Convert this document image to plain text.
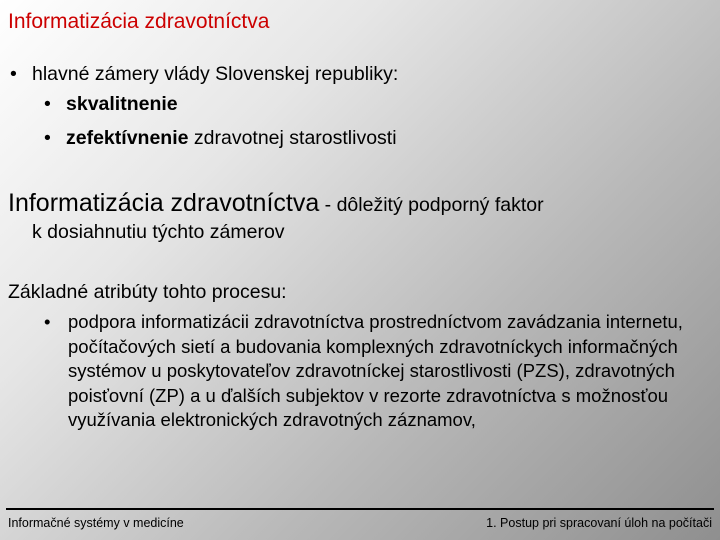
Informatizácia zdravotníctva
• hlavné zámery vlády Slovenskej republiky:
• skvalitnenie
• zefektívnenie zdravotnej starostlivosti
Informatizácia zdravotníctva - dôležitý podporný faktor
k dosiahnutiu týchto zámerov
Základné atribúty tohto procesu:
• podpora informatizácii zdravotníctva prostredníctvom zavádzania internetu, počítačových sietí a budovania komplexných zdravotníckych informačných systémov u poskytovateľov zdravotníckej starostlivosti (PZS), zdravotných poisťovní (ZP) a u ďalších subjektov v rezorte zdravotníctva s možnosťou využívania elektronických zdravotných záznamov,
Informačné systémy v medicíne	1. Postup pri spracovaní úloh na počítači
